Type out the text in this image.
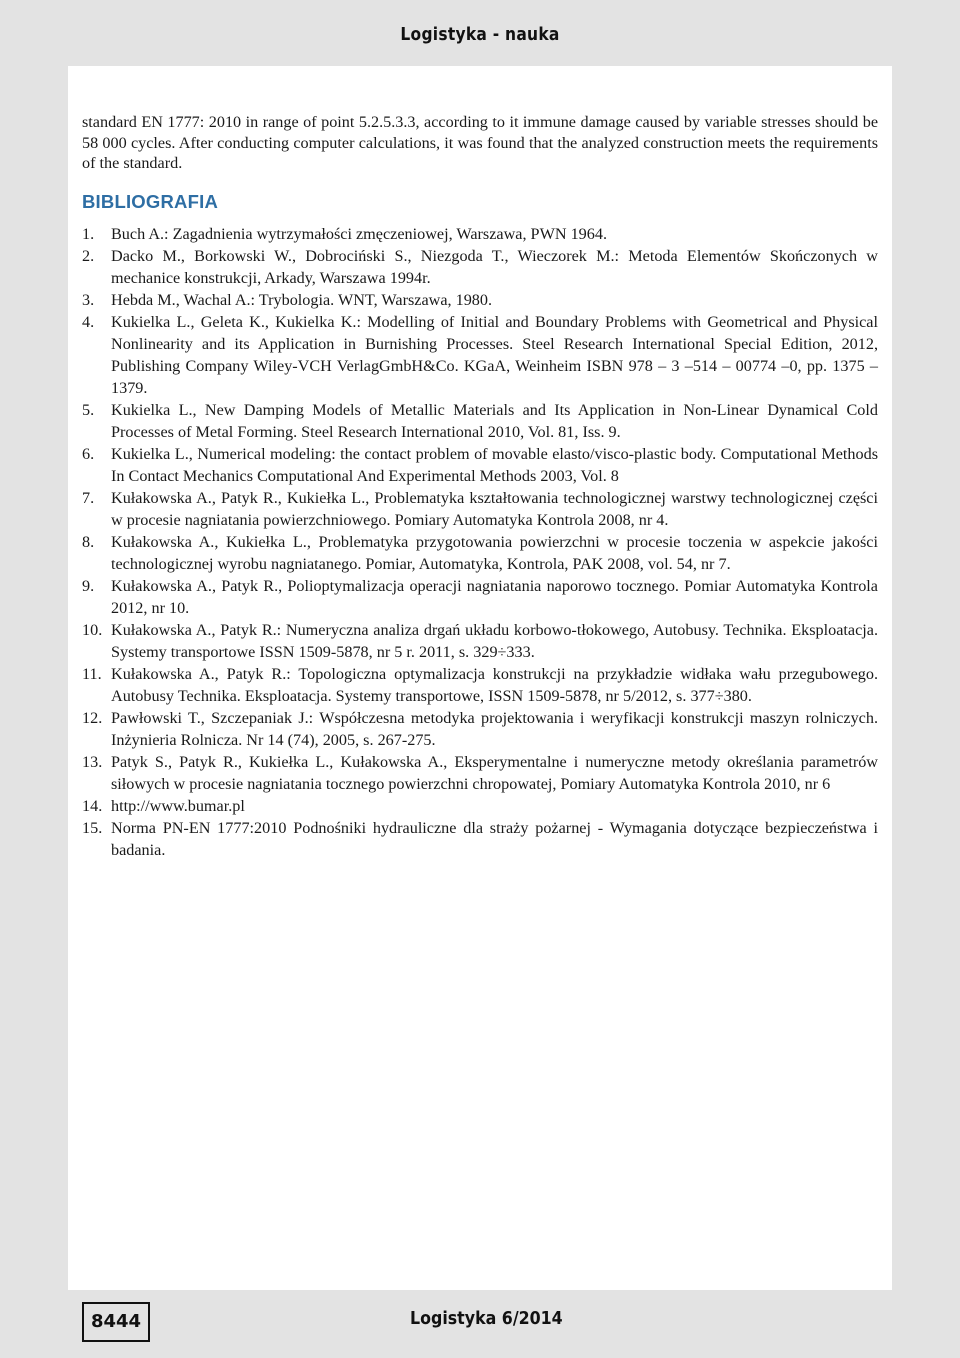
Logistyka - nauka

standard EN 1777: 2010 in range of point 5.2.5.3.3, according to it immune damage caused by variable stresses should be 58 000 cycles. After conducting computer calculations, it was found that the analyzed construction meets the requirements of the standard.

BIBLIOGRAFIA
1. Buch A.: Zagadnienia wytrzymałości zmęczeniowej, Warszawa, PWN 1964.
2. Dacko M., Borkowski W., Dobrociński S., Niezgoda T., Wieczorek M.: Metoda Elementów Skończonych w mechanice konstrukcji, Arkady, Warszawa 1994r.
3. Hebda M., Wachal A.: Trybologia. WNT, Warszawa, 1980.
4. Kukielka L., Geleta K., Kukielka K.: Modelling of Initial and Boundary Problems with Geometrical and Physical Nonlinearity and its Application in Burnishing Processes. Steel Research International Special Edition, 2012, Publishing Company Wiley-VCH VerlagGmbH&Co. KGaA, Weinheim ISBN 978 – 3 –514 – 00774 –0, pp. 1375 –1379.
5. Kukielka L., New Damping Models of Metallic Materials and Its Application in Non-Linear Dynamical Cold Processes of Metal Forming. Steel Research International 2010, Vol. 81, Iss. 9.
6. Kukielka L., Numerical modeling: the contact problem of movable elasto/visco-plastic body. Computational Methods In Contact Mechanics Computational And Experimental Methods 2003, Vol. 8
7. Kułakowska A., Patyk R., Kukiełka L., Problematyka kształtowania technologicznej warstwy technologicznej części w procesie nagniatania powierzchniowego. Pomiary Automatyka Kontrola 2008, nr 4.
8. Kułakowska A., Kukiełka L., Problematyka przygotowania powierzchni w procesie toczenia w aspekcie jakości technologicznej wyrobu nagniatanego. Pomiar, Automatyka, Kontrola, PAK 2008, vol. 54, nr 7.
9. Kułakowska A., Patyk R., Polioptymalizacja operacji nagniatania naporowo tocznego. Pomiar Automatyka Kontrola 2012, nr 10.
10. Kułakowska A., Patyk R.: Numeryczna analiza drgań układu korbowo-tłokowego, Autobusy. Technika. Eksploatacja. Systemy transportowe ISSN 1509-5878, nr 5 r. 2011, s. 329÷333.
11. Kułakowska A., Patyk R.: Topologiczna optymalizacja konstrukcji na przykładzie widłaka wału przegubowego. Autobusy Technika. Eksploatacja. Systemy transportowe, ISSN 1509-5878, nr 5/2012, s. 377÷380.
12. Pawłowski T., Szczepaniak J.: Współczesna metodyka projektowania i weryfikacji konstrukcji maszyn rolniczych. Inżynieria Rolnicza. Nr 14 (74), 2005, s. 267-275.
13. Patyk S., Patyk R., Kukiełka L., Kułakowska A., Eksperymentalne i numeryczne metody określania parametrów siłowych w procesie nagniatania tocznego powierzchni chropowatej, Pomiary Automatyka Kontrola 2010, nr 6
14. http://www.bumar.pl
15. Norma PN-EN 1777:2010 Podnośniki hydrauliczne dla straży pożarnej - Wymagania dotyczące bezpieczeństwa i badania.
8444	Logistyka 6/2014
